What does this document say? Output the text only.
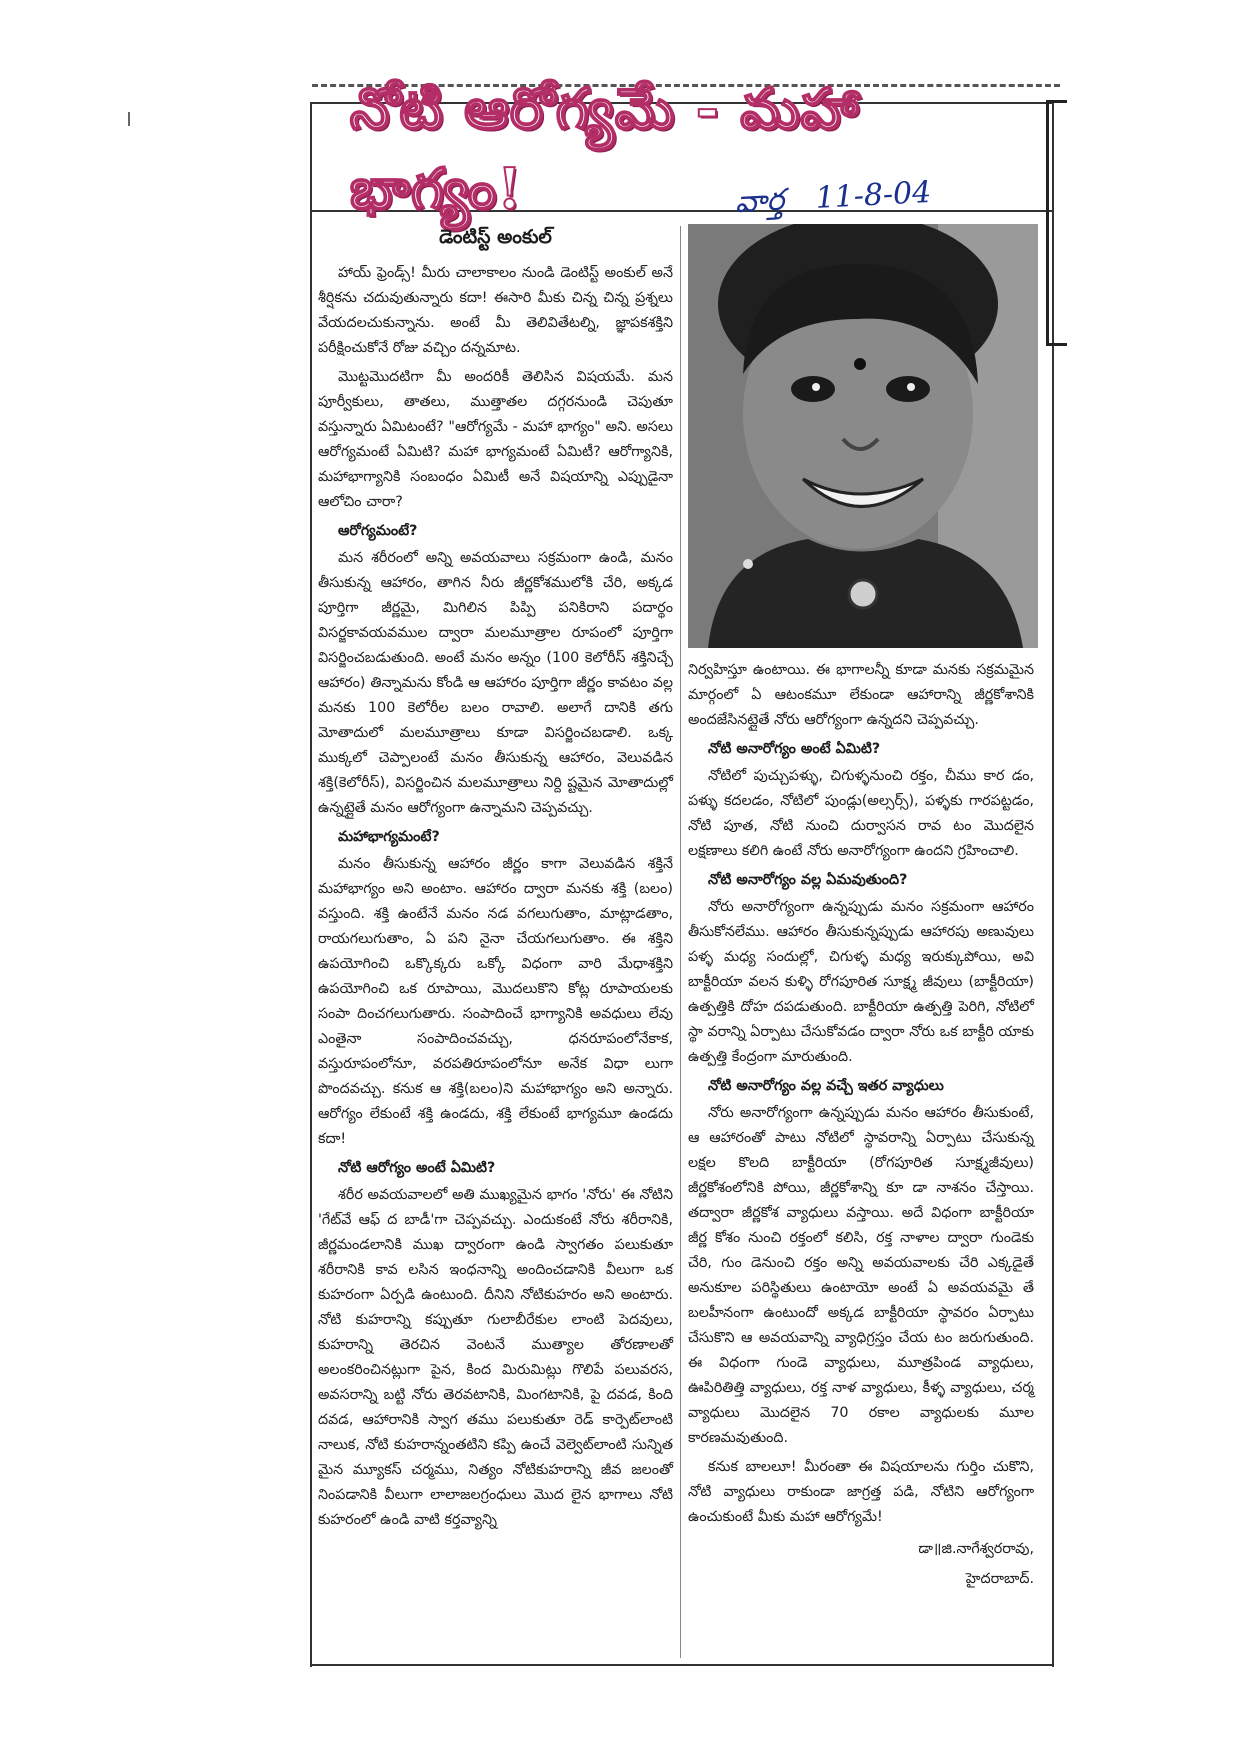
నోటి ఆరోగ్యమే - మహా భాగ్యం!	వార్త 11-8-04
డెంటిస్ట్ అంకుల్

హాయ్ ఫ్రెండ్స్! మీరు చాలాకాలం నుండి డెంటిస్ట్ అంకుల్ అనే శీర్షికను చదువుతున్నారు కదా! ఈసారి మీకు చిన్న చిన్న ప్రశ్నలు వేయదలచుకున్నాను. అంటే మీ తెలివితేటల్ని, జ్ఞాపకశక్తిని పరీక్షించుకోనే రోజు వచ్చిం దన్నమాట.

మొట్టమొదటిగా మీ అందరికీ తెలిసిన విషయమే. మన పూర్వీకులు, తాతలు, ముత్తాతల దగ్గరనుండి చెపుతూ వస్తున్నారు ఏమిటంటే? "ఆరోగ్యమే - మహా భాగ్యం" అని. అసలు ఆరోగ్యమంటే ఏమిటి? మహా భాగ్యమంటే ఏమిటీ? ఆరోగ్యానికి, మహాభాగ్యానికి సంబంధం ఏమిటీ అనే విషయాన్ని ఎప్పుడైనా ఆలోచిం చారా?

ఆరోగ్యమంటే?

మన శరీరంలో అన్ని అవయవాలు సక్రమంగా ఉండి, మనం తీసుకున్న ఆహారం, తాగిన నీరు జీర్ణకోశములోకి చేరి, అక్కడ పూర్తిగా జీర్ణమై, మిగిలిన పిప్పి పనికిరాని పదార్థం విసర్జకావయవముల ద్వారా మలమూత్రాల రూపంలో పూర్తిగా విసర్జించబడుతుంది. అంటే మనం అన్నం (100 కెలోరీస్ శక్తినిచ్చే ఆహారం) తిన్నామను కోండి ఆ ఆహారం పూర్తిగా జీర్ణం కావటం వల్ల మనకు 100 కెలోరీల బలం రావాలి. అలాగే దానికి తగు మోతాదులో మలమూత్రాలు కూడా విసర్జించబడాలి. ఒక్క ముక్కలో చెప్పాలంటే మనం తీసుకున్న ఆహారం, వెలువడిన శక్తి(కెలోరీస్), విసర్జించిన మలమూత్రాలు నిర్ది ష్టమైన మోతాదుల్లో ఉన్నట్లైతే మనం ఆరోగ్యంగా ఉన్నామని చెప్పవచ్చు.

మహాభాగ్యమంటే?

మనం తీసుకున్న ఆహారం జీర్ణం కాగా వెలువడిన శక్తినే మహాభాగ్యం అని అంటాం. ఆహారం ద్వారా మనకు శక్తి (బలం) వస్తుంది. శక్తి ఉంటేనే మనం నడ వగలుగుతాం, మాట్లాడతాం, రాయగలుగుతాం, ఏ పని నైనా చేయగలుగుతాం. ఈ శక్తిని ఉపయోగించి ఒక్కొక్కరు ఒక్కో విధంగా వారి మేధాశక్తిని ఉపయోగించి ఒక రూపాయి, మొదలుకొని కోట్ల రూపాయలకు సంపా దించగలుగుతారు. సంపాదించే భాగ్యానికి అవధులు లేవు ఎంతైనా సంపాదించవచ్చు, ధనరూపంలోనేకాక, వస్తురూపంలోనూ, వరపతిరూపంలోనూ అనేక విధా లుగా పొందవచ్చు. కనుక ఆ శక్తి(బలం)ని మహాభాగ్యం అని అన్నారు. ఆరోగ్యం లేకుంటే శక్తి ఉండదు, శక్తి లేకుంటే భాగ్యమూ ఉండదు కదా!

నోటి ఆరోగ్యం అంటే ఏమిటి?

శరీర అవయవాలలో అతి ముఖ్యమైన భాగం 'నోరు' ఈ నోటిని 'గేట్‌వే ఆఫ్ ద బాడీ'గా చెప్పవచ్చు. ఎందుకంటే నోరు శరీరానికి, జీర్ణమండలానికి ముఖ ద్వారంగా ఉండి స్వాగతం పలుకుతూ శరీరానికి కావ లసిన ఇంధనాన్ని అందించడానికి వీలుగా ఒక కుహరంగా ఏర్పడి ఉంటుంది. దీనిని నోటికుహరం అని అంటారు. నోటి కుహరాన్ని కప్పుతూ గులాబీరేకుల లాంటి పెదవులు, కుహరాన్ని తెరచిన వెంటనే ముత్యాల తోరణాలతో అలంకరించినట్లుగా పైన, కింద మిరుమిట్లు గొలిపే పలువరస, అవసరాన్ని బట్టి నోరు తెరవటానికి, మింగటానికి, పై దవడ, కింది దవడ, ఆహారానికి స్వాగ తము పలుకుతూ రెడ్ కార్పెట్‌లాంటి నాలుక, నోటి కుహరాన్నంతటిని కప్పి ఉంచే వెల్వెట్‌లాంటి సున్నిత మైన మ్యూకస్ చర్మము, నిత్యం నోటికుహరాన్ని జీవ జలంతో నింపడానికి వీలుగా లాలాజలగ్రంధులు మొద లైన భాగాలు నోటి కుహరంలో ఉండి వాటి కర్తవ్యాన్ని

నిర్వహిస్తూ ఉంటాయి. ఈ భాగాలన్నీ కూడా మనకు సక్రమమైన మార్గంలో ఏ ఆటంకమూ లేకుండా ఆహారాన్ని జీర్ణకోశానికి అందజేసినట్లైతే నోరు ఆరోగ్యంగా ఉన్నదని చెప్పవచ్చు.

నోటి అనారోగ్యం అంటే ఏమిటి?

నోటిలో పుచ్చుపళ్ళు, చిగుళ్ళనుంచి రక్తం, చీము కార డం, పళ్ళు కదలడం, నోటిలో పుండ్లు(అల్సర్స్), పళ్ళకు గారపట్టడం, నోటి పూత, నోటి నుంచి దుర్వాసన రావ టం మొదలైన లక్షణాలు కలిగి ఉంటే నోరు అనారోగ్యంగా ఉందని గ్రహించాలి.

నోటి అనారోగ్యం వల్ల ఏమవుతుంది?

నోరు అనారోగ్యంగా ఉన్నప్పుడు మనం సక్రమంగా ఆహారం తీసుకోనలేము. ఆహారం తీసుకున్నప్పుడు ఆహారపు అణువులు పళ్ళ మధ్య సందుల్లో, చిగుళ్ళ మధ్య ఇరుక్కుపోయి, అవి బాక్టీరియా వలన కుళ్ళి రోగపూరిత సూక్ష్మ జీవులు (బాక్టీరియా) ఉత్పత్తికి దోహ దపడుతుంది. బాక్టీరియా ఉత్పత్తి పెరిగి, నోటిలో స్థా వరాన్ని ఏర్పాటు చేసుకోవడం ద్వారా నోరు ఒక బాక్టీరి యాకు ఉత్పత్తి కేంద్రంగా మారుతుంది.

నోటి అనారోగ్యం వల్ల వచ్చే ఇతర వ్యాధులు

నోరు అనారోగ్యంగా ఉన్నప్పుడు మనం ఆహారం తీసుకుంటే, ఆ ఆహారంతో పాటు నోటిలో స్థావరాన్ని ఏర్పాటు చేసుకున్న లక్షల కొలది బాక్టీరియా (రోగపూరిత సూక్ష్మజీవులు) జీర్ణకోశంలోనికి పోయి, జీర్ణకోశాన్ని కూ డా నాశనం చేస్తాయి. తద్వారా జీర్ణకోశ వ్యాధులు వస్తాయి. అదే విధంగా బాక్టీరియా జీర్ణ కోశం నుంచి రక్తంలో కలిసి, రక్త నాళాల ద్వారా గుండెకు చేరి, గుం డెనుంచి రక్తం అన్ని అవయవాలకు చేరి ఎక్కడైతే అనుకూల పరిస్థితులు ఉంటాయో అంటే ఏ అవయవమై తే బలహీనంగా ఉంటుందో అక్కడ బాక్టీరియా స్థావరం ఏర్పాటు చేసుకొని ఆ అవయవాన్ని వ్యాధిగ్రస్తం చేయ టం జరుగుతుంది. ఈ విధంగా గుండె వ్యాధులు, మూత్రపిండ వ్యాధులు, ఊపిరితిత్తి వ్యాధులు, రక్త నాళ వ్యాధులు, కీళ్ళ వ్యాధులు, చర్మ వ్యాధులు మొదలైన 70 రకాల వ్యాధులకు మూల కారణమవుతుంది.

కనుక బాలలూ! మీరంతా ఈ విషయాలను గుర్తిం చుకొని, నోటి వ్యాధులు రాకుండా జాగ్రత్త పడి, నోటిని ఆరోగ్యంగా ఉంచుకుంటే మీకు మహా ఆరోగ్యమే!

డా॥జి.నాగేశ్వరరావు,
హైదరాబాద్.
